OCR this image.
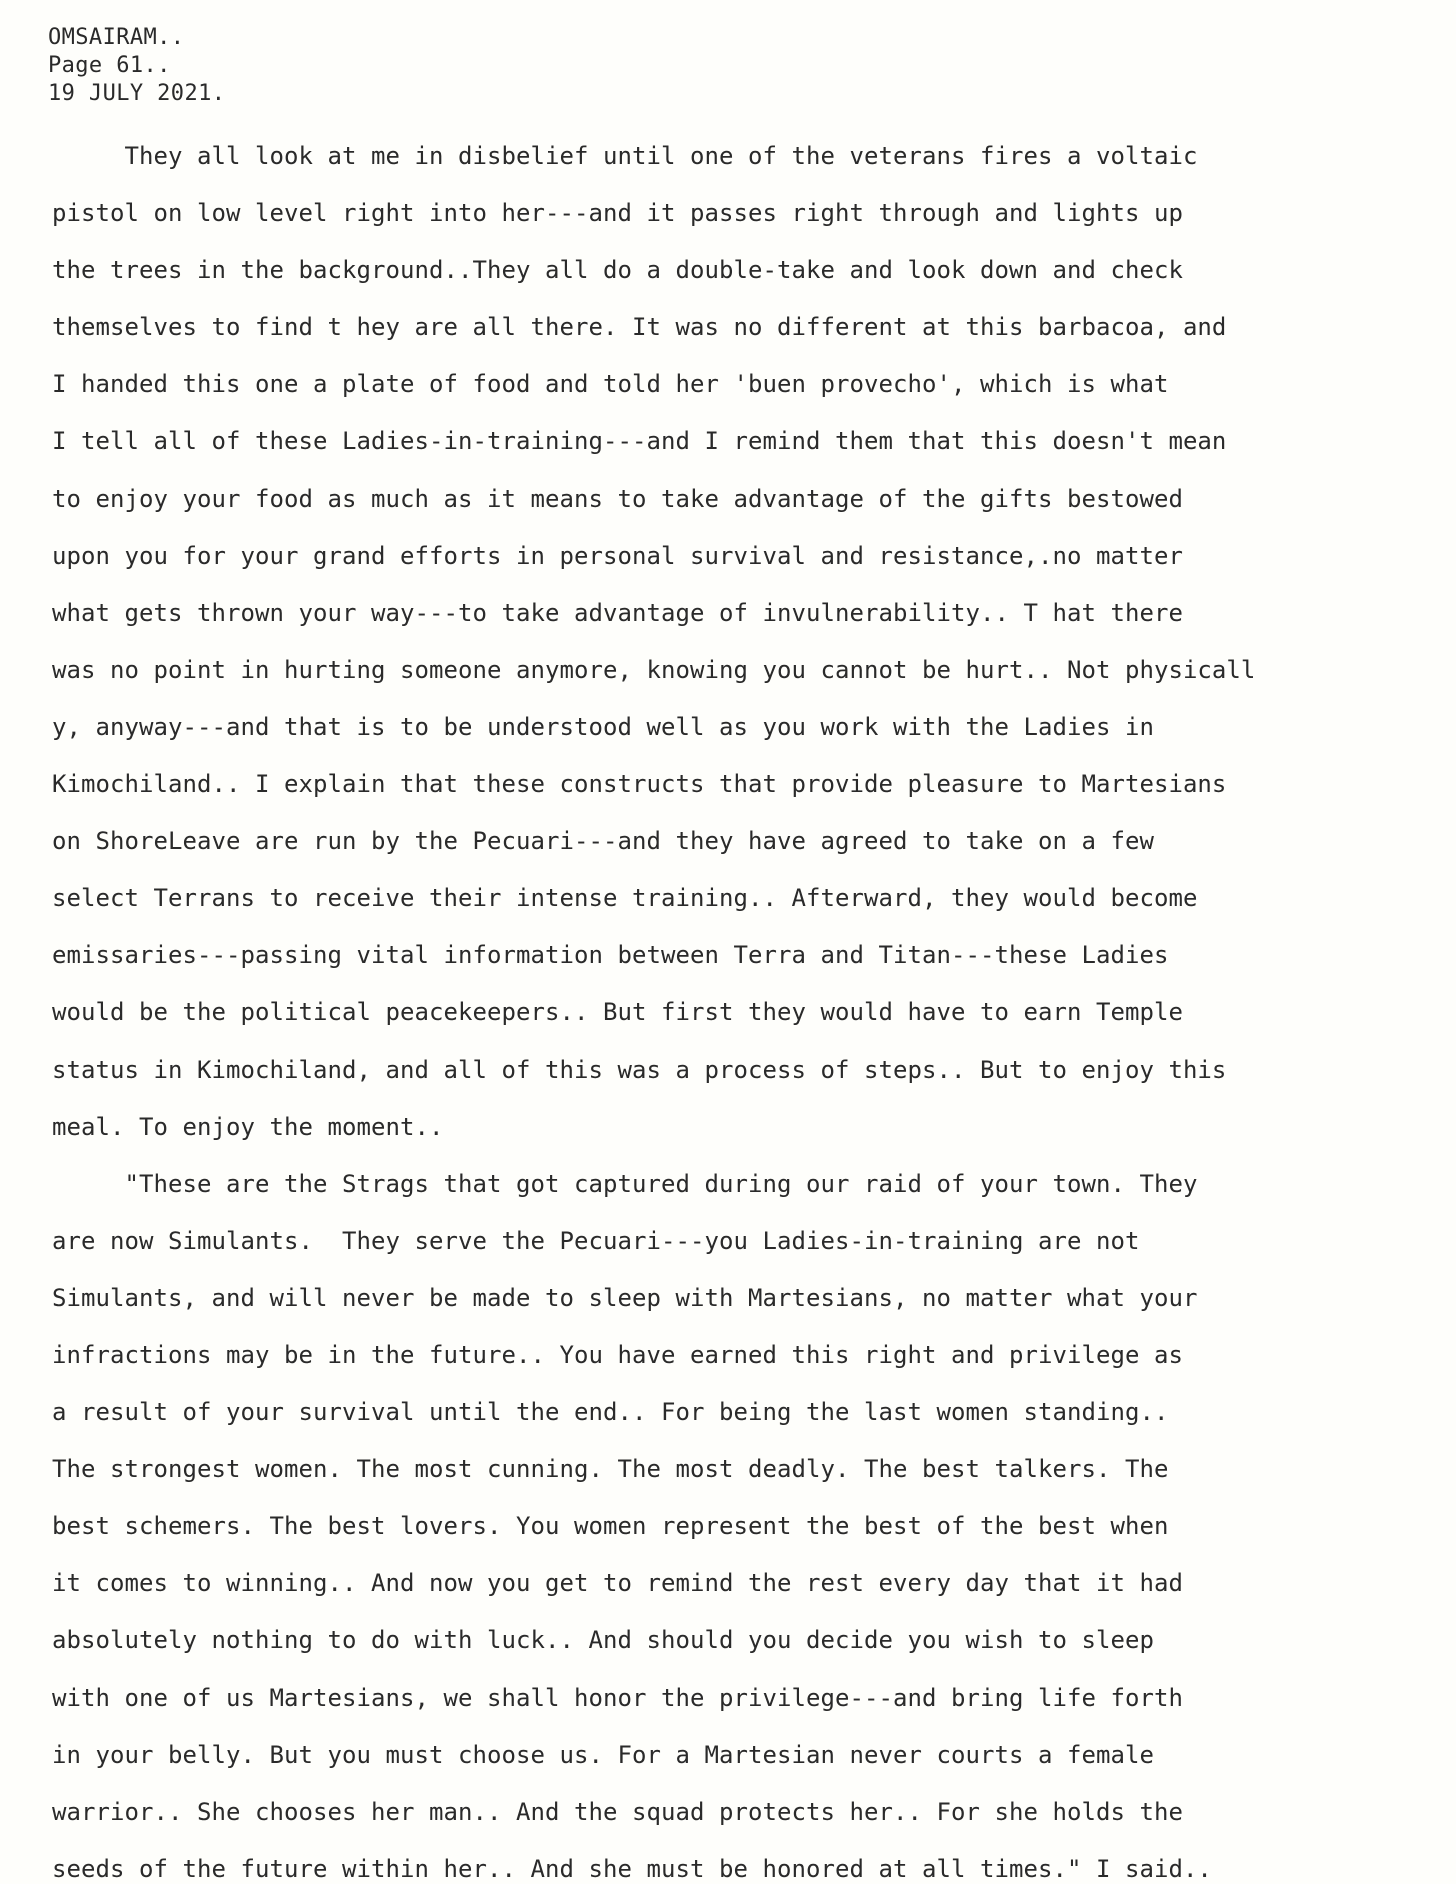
OMSAIRAM..
Page 61..
19 JULY 2021.
They all look at me in disbelief until one of the veterans fires a voltaic
pistol on low level right into her---and it passes right through and lights up
the trees in the background..They all do a double-take and look down and check
themselves to find t hey are all there. It was no different at this barbacoa, and
I handed this one a plate of food and told her 'buen provecho', which is what
I tell all of these Ladies-in-training---and I remind them that this doesn't mean
to enjoy your food as much as it means to take advantage of the gifts bestowed
upon you for your grand efforts in personal survival and resistance,.no matter
what gets thrown your way---to take advantage of invulnerability.. T hat there
was no point in hurting someone anymore, knowing you cannot be hurt.. Not physicall
y, anyway---and that is to be understood well as you work with the Ladies in
Kimochiland.. I explain that these constructs that provide pleasure to Martesians
on ShoreLeave are run by the Pecuari---and they have agreed to take on a few
select Terrans to receive their intense training.. Afterward, they would become
emissaries---passing vital information between Terra and Titan---these Ladies
would be the political peacekeepers.. But first they would have to earn Temple
status in Kimochiland, and all of this was a process of steps.. But to enjoy this
meal. To enjoy the moment..
"These are the Strags that got captured during our raid of your town. They
are now Simulants.  They serve the Pecuari---you Ladies-in-training are not
Simulants, and will never be made to sleep with Martesians, no matter what your
infractions may be in the future.. You have earned this right and privilege as
a result of your survival until the end.. For being the last women standing..
The strongest women. The most cunning. The most deadly. The best talkers. The
best schemers. The best lovers. You women represent the best of the best when
it comes to winning.. And now you get to remind the rest every day that it had
absolutely nothing to do with luck.. And should you decide you wish to sleep
with one of us Martesians, we shall honor the privilege---and bring life forth
in your belly. But you must choose us. For a Martesian never courts a female
warrior.. She chooses her man.. And the squad protects her.. For she holds the
seeds of the future within her.. And she must be honored at all times." I said..
